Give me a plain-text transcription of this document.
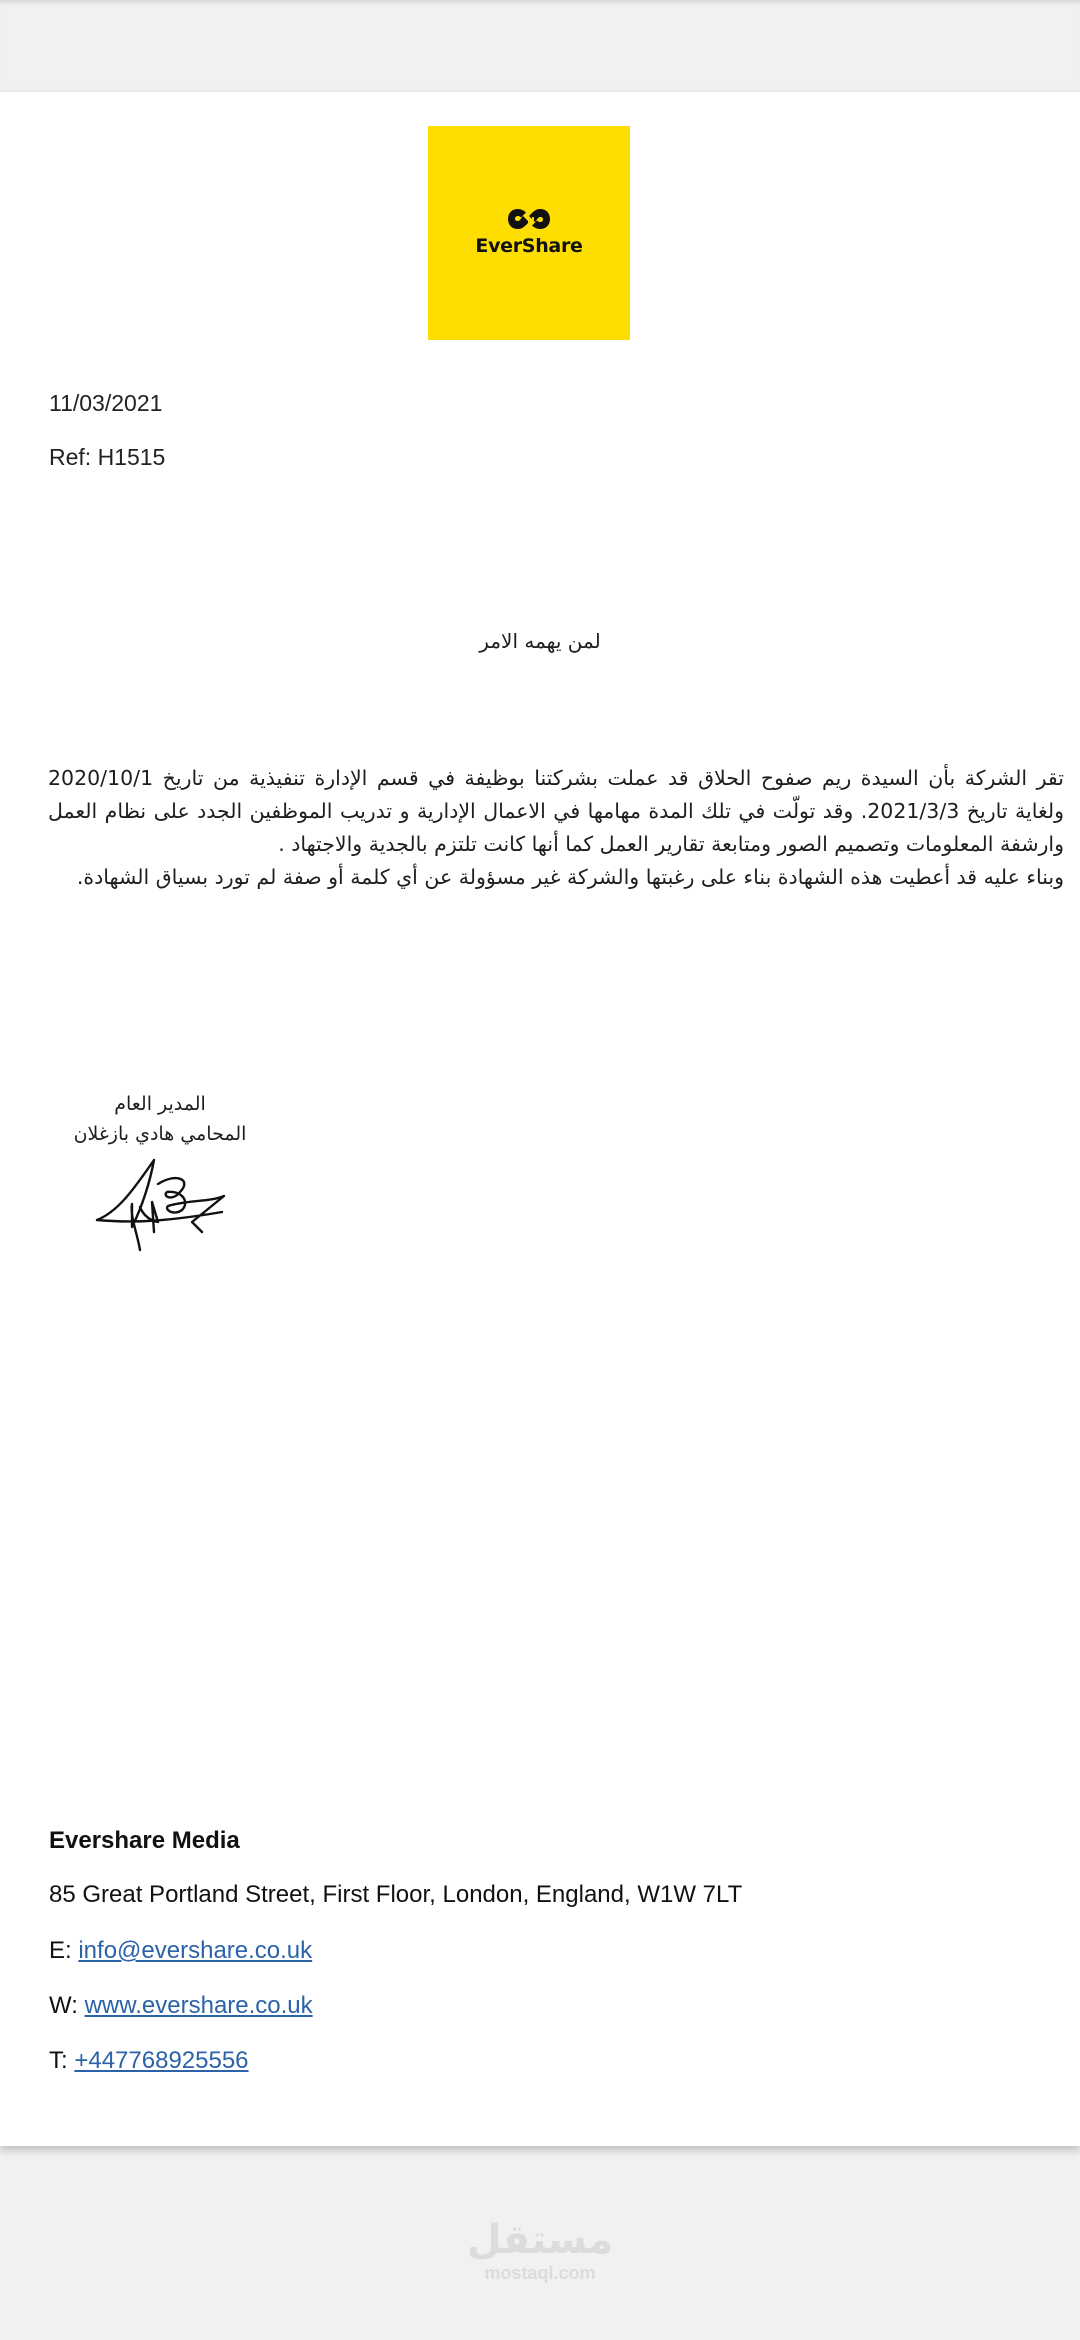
EverShare
11/03/2021
Ref: H1515
لمن يهمه الامر

تقر الشركة بأن السيدة ريم صفوح الحلاق قد عملت بشركتنا بوظيفة في قسم الإدارة تنفيذية من تاريخ 2020/10/1 ولغاية تاريخ 2021/3/3. وقد تولّت في تلك المدة مهامها في الاعمال الإدارية و تدريب الموظفين الجدد على نظام العمل وارشفة المعلومات وتصميم الصور ومتابعة تقارير العمل كما أنها كانت تلتزم بالجدية والاجتهاد .

وبناء عليه قد أعطيت هذه الشهادة بناء على رغبتها والشركة غير مسؤولة عن أي كلمة أو صفة لم تورد بسياق الشهادة.

المدير العام
المحامي هادي بازغلان
Evershare Media
85 Great Portland Street, First Floor, London, England, W1W 7LT
E: info@evershare.co.uk
W: www.evershare.co.uk
T: +447768925556
مستقل
mostaql.com
